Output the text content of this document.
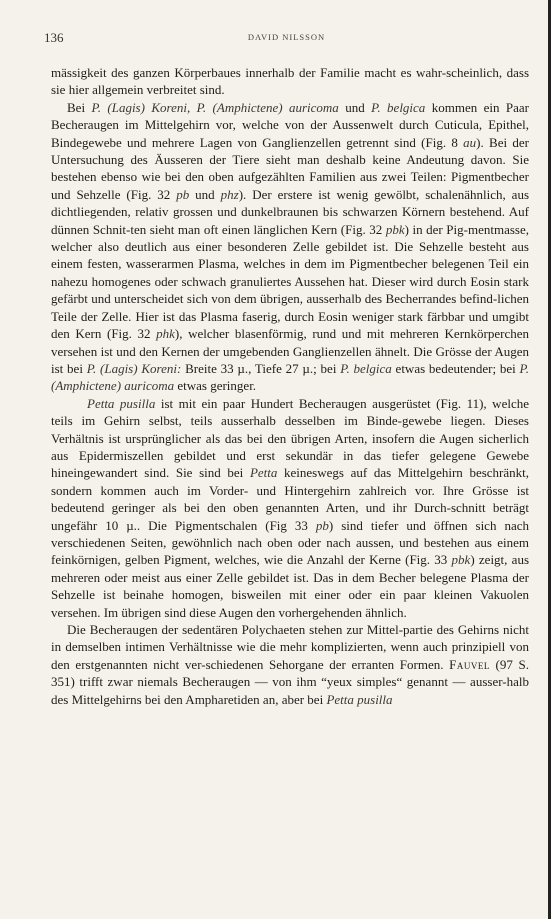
136	DAVID NILSSON

mässigkeit des ganzen Körperbaues innerhalb der Familie macht es wahr-scheinlich, dass sie hier allgemein verbreitet sind.

Bei P. (Lagis) Koreni, P. (Amphictene) auricoma und P. belgica kommen ein Paar Becheraugen im Mittelgehirn vor, welche von der Aussenwelt durch Cuticula, Epithel, Bindegewebe und mehrere Lagen von Ganglienzellen getrennt sind (Fig. 8 au). Bei der Untersuchung des Äusseren der Tiere sieht man deshalb keine Andeutung davon. Sie bestehen ebenso wie bei den oben aufgezählten Familien aus zwei Teilen: Pigmentbecher und Sehzelle (Fig. 32 pb und phz). Der erstere ist wenig gewölbt, schalenähnlich, aus dichtliegenden, relativ grossen und dunkelbraunen bis schwarzen Körnern bestehend. Auf dünnen Schnit-ten sieht man oft einen länglichen Kern (Fig. 32 pbk) in der Pig-mentmasse, welcher also deutlich aus einer besonderen Zelle gebildet ist. Die Sehzelle besteht aus einem festen, wasserarmen Plasma, welches in dem im Pigmentbecher belegenen Teil ein nahezu homogenes oder schwach granuliertes Aussehen hat. Dieser wird durch Eosin stark gefärbt und unterscheidet sich von dem übrigen, ausserhalb des Becherrandes befind-lichen Teile der Zelle. Hier ist das Plasma faserig, durch Eosin weniger stark färbbar und umgibt den Kern (Fig. 32 phk), welcher blasenförmig, rund und mit mehreren Kernkörperchen versehen ist und den Kernen der umgebenden Ganglienzellen ähnelt. Die Grösse der Augen ist bei P. (Lagis) Koreni: Breite 33 µ., Tiefe 27 µ.; bei P. belgica etwas bedeutender; bei P. (Amphictene) auricoma etwas geringer.

Petta pusilla ist mit ein paar Hundert Becheraugen ausgerüstet (Fig. 11), welche teils im Gehirn selbst, teils ausserhalb desselben im Binde-gewebe liegen. Dieses Verhältnis ist ursprünglicher als das bei den übrigen Arten, insofern die Augen sicherlich aus Epidermiszellen gebildet und erst sekundär in das tiefer gelegene Gewebe hineingewandert sind. Sie sind bei Petta keineswegs auf das Mittelgehirn beschränkt, sondern kommen auch im Vorder- und Hintergehirn zahlreich vor. Ihre Grösse ist bedeutend geringer als bei den oben genannten Arten, und ihr Durch-schnitt beträgt ungefähr 10 µ.. Die Pigmentschalen (Fig 33 pb) sind tiefer und öffnen sich nach verschiedenen Seiten, gewöhnlich nach oben oder nach aussen, und bestehen aus einem feinkörnigen, gelben Pigment, welches, wie die Anzahl der Kerne (Fig. 33 pbk) zeigt, aus mehreren oder meist aus einer Zelle gebildet ist. Das in dem Becher belegene Plasma der Sehzelle ist beinahe homogen, bisweilen mit einer oder ein paar kleinen Vakuolen versehen. Im übrigen sind diese Augen den vorhergehenden ähnlich.

Die Becheraugen der sedentären Polychaeten stehen zur Mittel-partie des Gehirns nicht in demselben intimen Verhältnisse wie die mehr komplizierten, wenn auch prinzipiell von den erstgenannten nicht ver-schiedenen Sehorgane der erranten Formen. Fauvel (97 S. 351) trifft zwar niemals Becheraugen — von ihm “yeux simples“ genannt — ausser-halb des Mittelgehirns bei den Ampharetiden an, aber bei Petta pusilla
